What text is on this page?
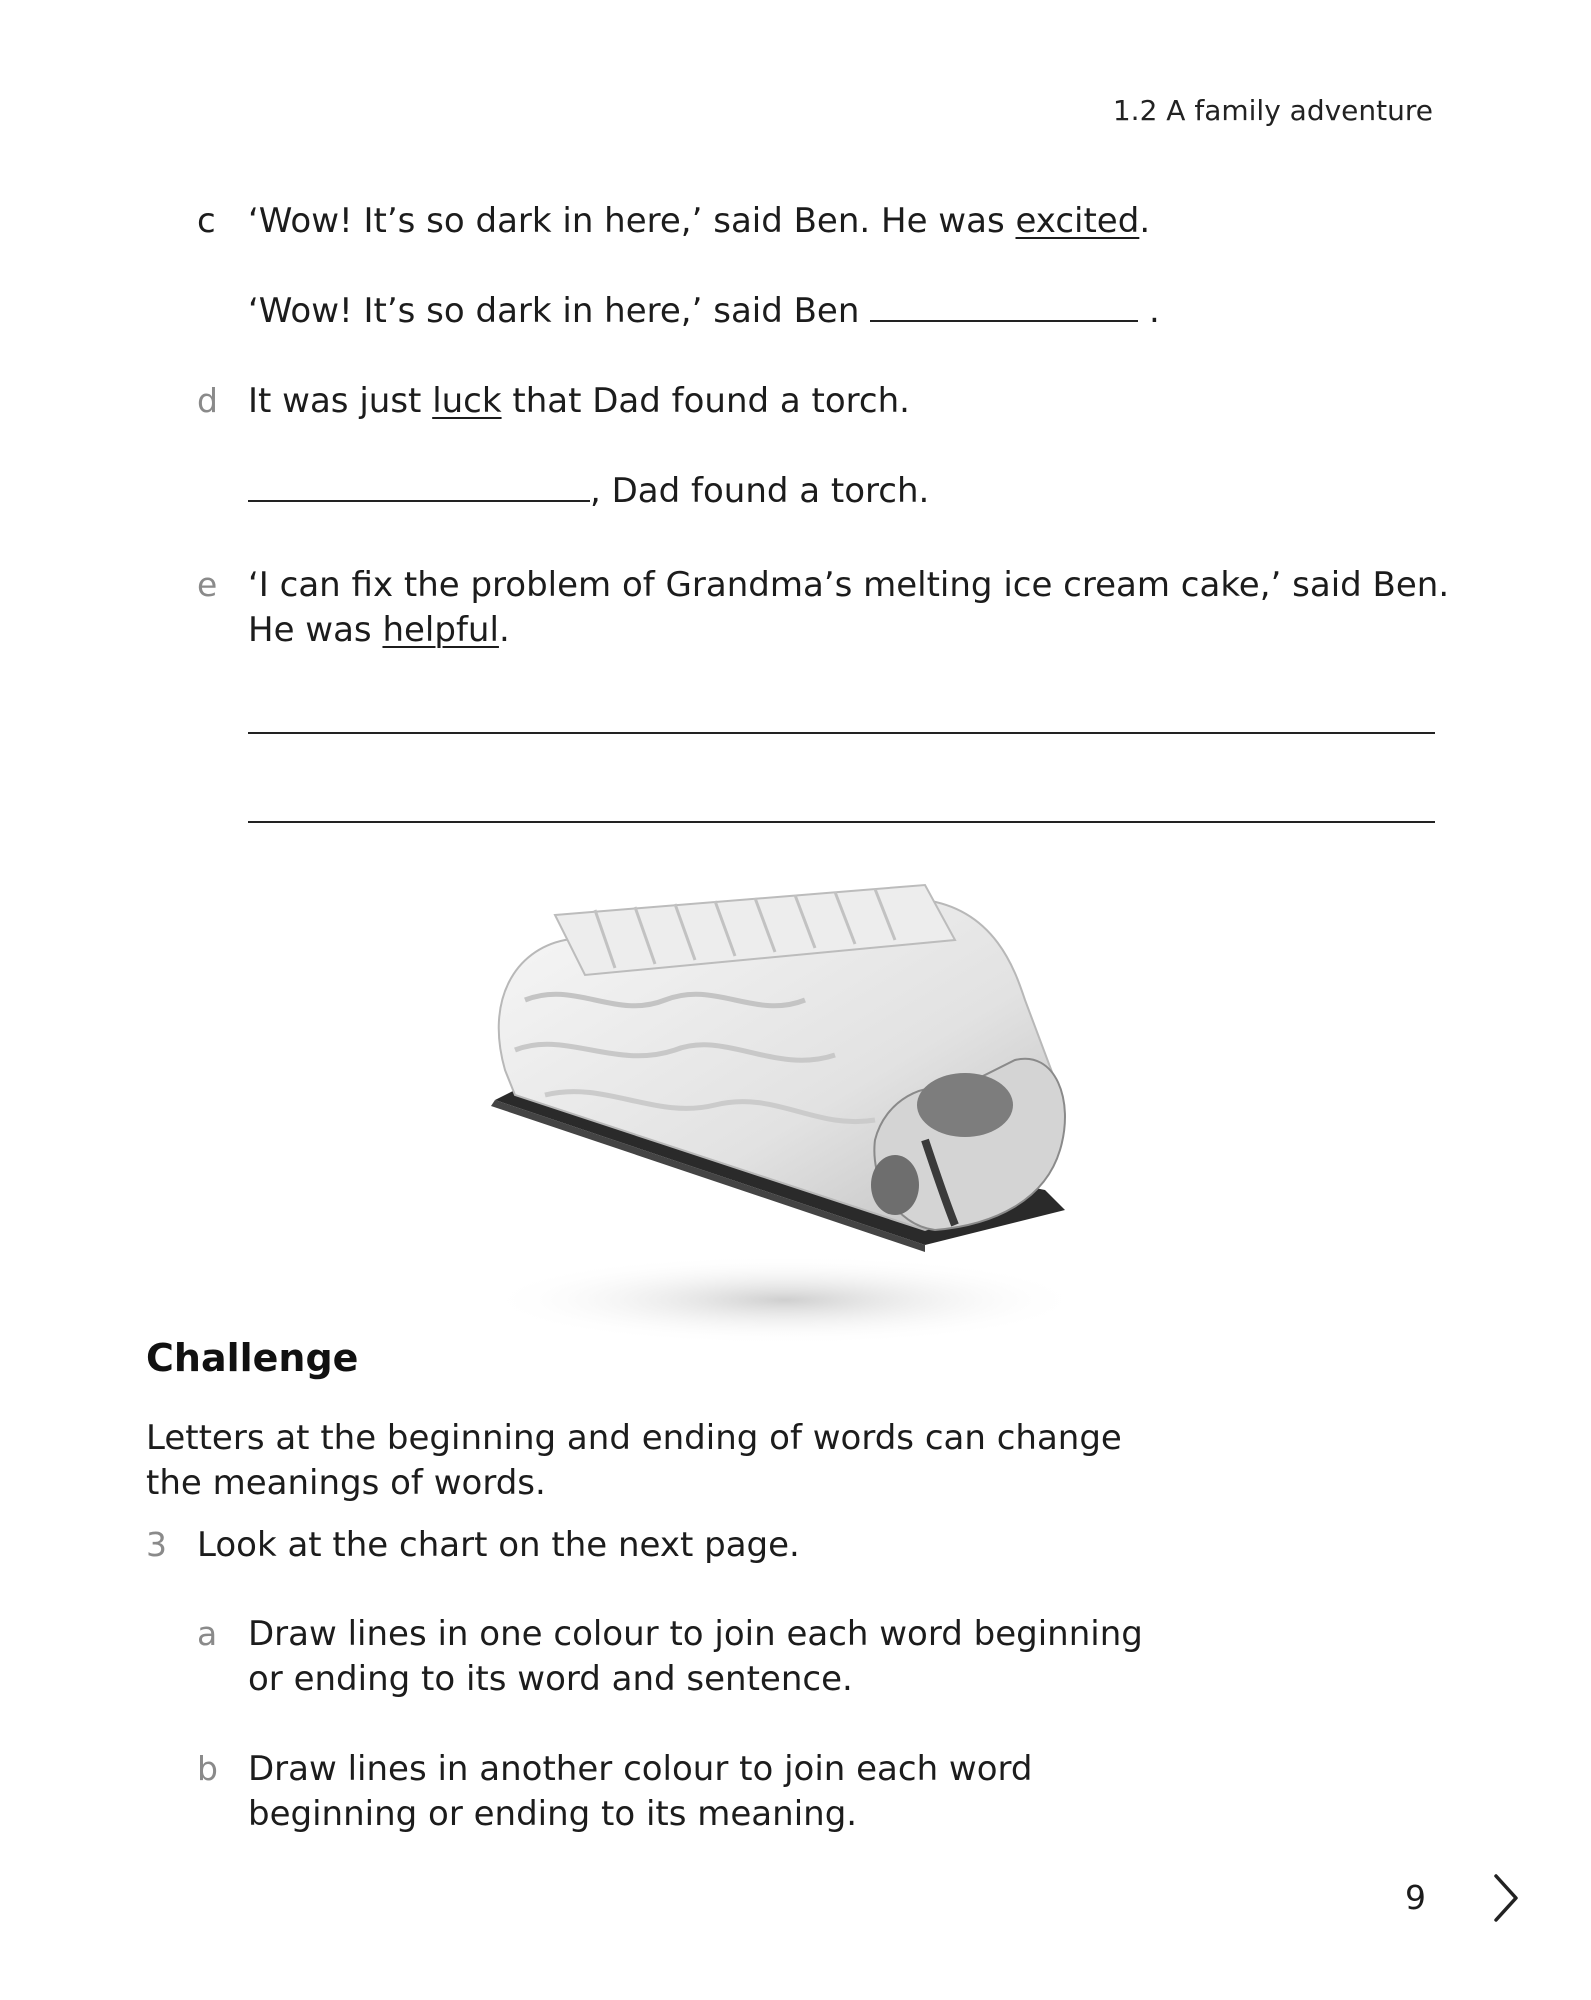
1.2 A family adventure
c ‘Wow! It’s so dark in here,’ said Ben. He was excited.
‘Wow! It’s so dark in here,’ said Ben	.
d It was just luck that Dad found a torch.
, Dad found a torch.
e ‘I can fix the problem of Grandma’s melting ice cream cake,’ said Ben.
He was helpful.
Challenge
Letters at the beginning and ending of words can change
the meanings of words.
3 Look at the chart on the next page.
a Draw lines in one colour to join each word beginning
or ending to its word and sentence.
b Draw lines in another colour to join each word
beginning or ending to its meaning.
9
